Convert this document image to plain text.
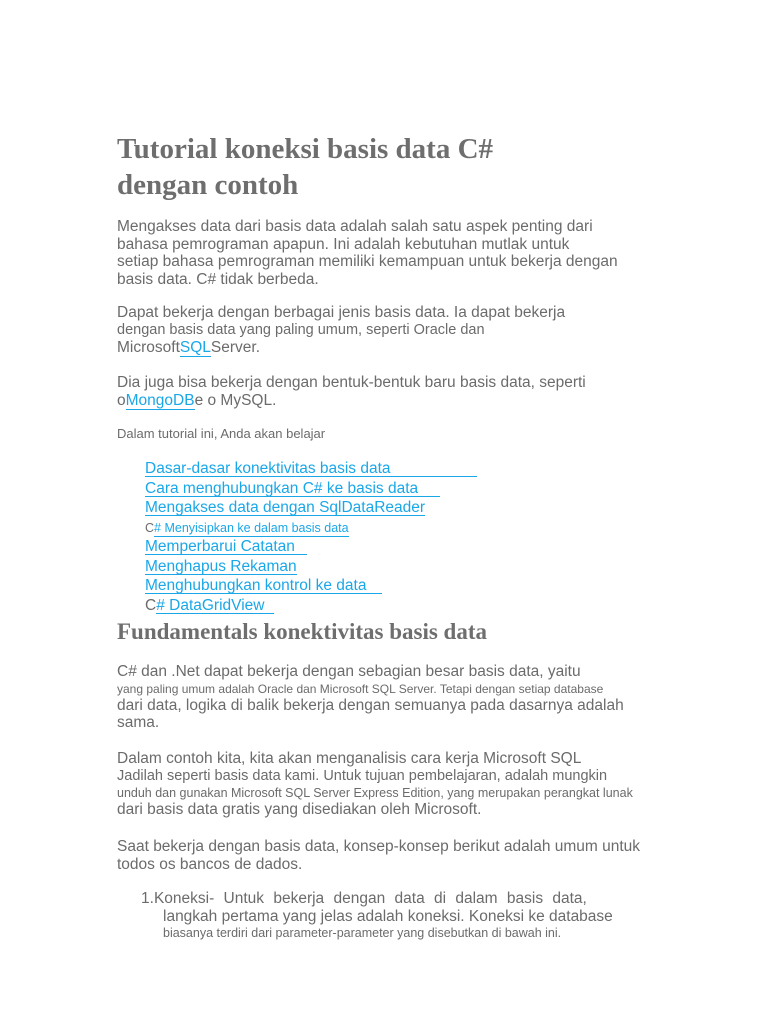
Tutorial koneksi basis data C#
dengan contoh
Mengakses data dari basis data adalah salah satu aspek penting dari
bahasa pemrograman apapun. Ini adalah kebutuhan mutlak untuk
setiap bahasa pemrograman memiliki kemampuan untuk bekerja dengan
basis data. C# tidak berbeda.
Dapat bekerja dengan berbagai jenis basis data. Ia dapat bekerja
dengan basis data yang paling umum, seperti Oracle dan
MicrosoftSQLServer.
Dia juga bisa bekerja dengan bentuk-bentuk baru basis data, seperti
oMongoDBe o MySQL.
Dalam tutorial ini, Anda akan belajar
Dasar-dasar konektivitas basis data
Cara menghubungkan C# ke basis data
Mengakses data dengan SqlDataReader
C# Menyisipkan ke dalam basis data
Memperbarui Catatan
Menghapus Rekaman
Menghubungkan kontrol ke data
C# DataGridView
Fundamentals konektivitas basis data
C# dan .Net dapat bekerja dengan sebagian besar basis data, yaitu
yang paling umum adalah Oracle dan Microsoft SQL Server. Tetapi dengan setiap database
dari data, logika di balik bekerja dengan semuanya pada dasarnya adalah
sama.
Dalam contoh kita, kita akan menganalisis cara kerja Microsoft SQL
Jadilah seperti basis data kami. Untuk tujuan pembelajaran, adalah mungkin
unduh dan gunakan Microsoft SQL Server Express Edition, yang merupakan perangkat lunak
dari basis data gratis yang disediakan oleh Microsoft.
Saat bekerja dengan basis data, konsep-konsep berikut adalah umum untuk
todos os bancos de dados.
1.Koneksi- Untuk bekerja dengan data di dalam basis data,
langkah pertama yang jelas adalah koneksi. Koneksi ke database
biasanya terdiri dari parameter-parameter yang disebutkan di bawah ini.
